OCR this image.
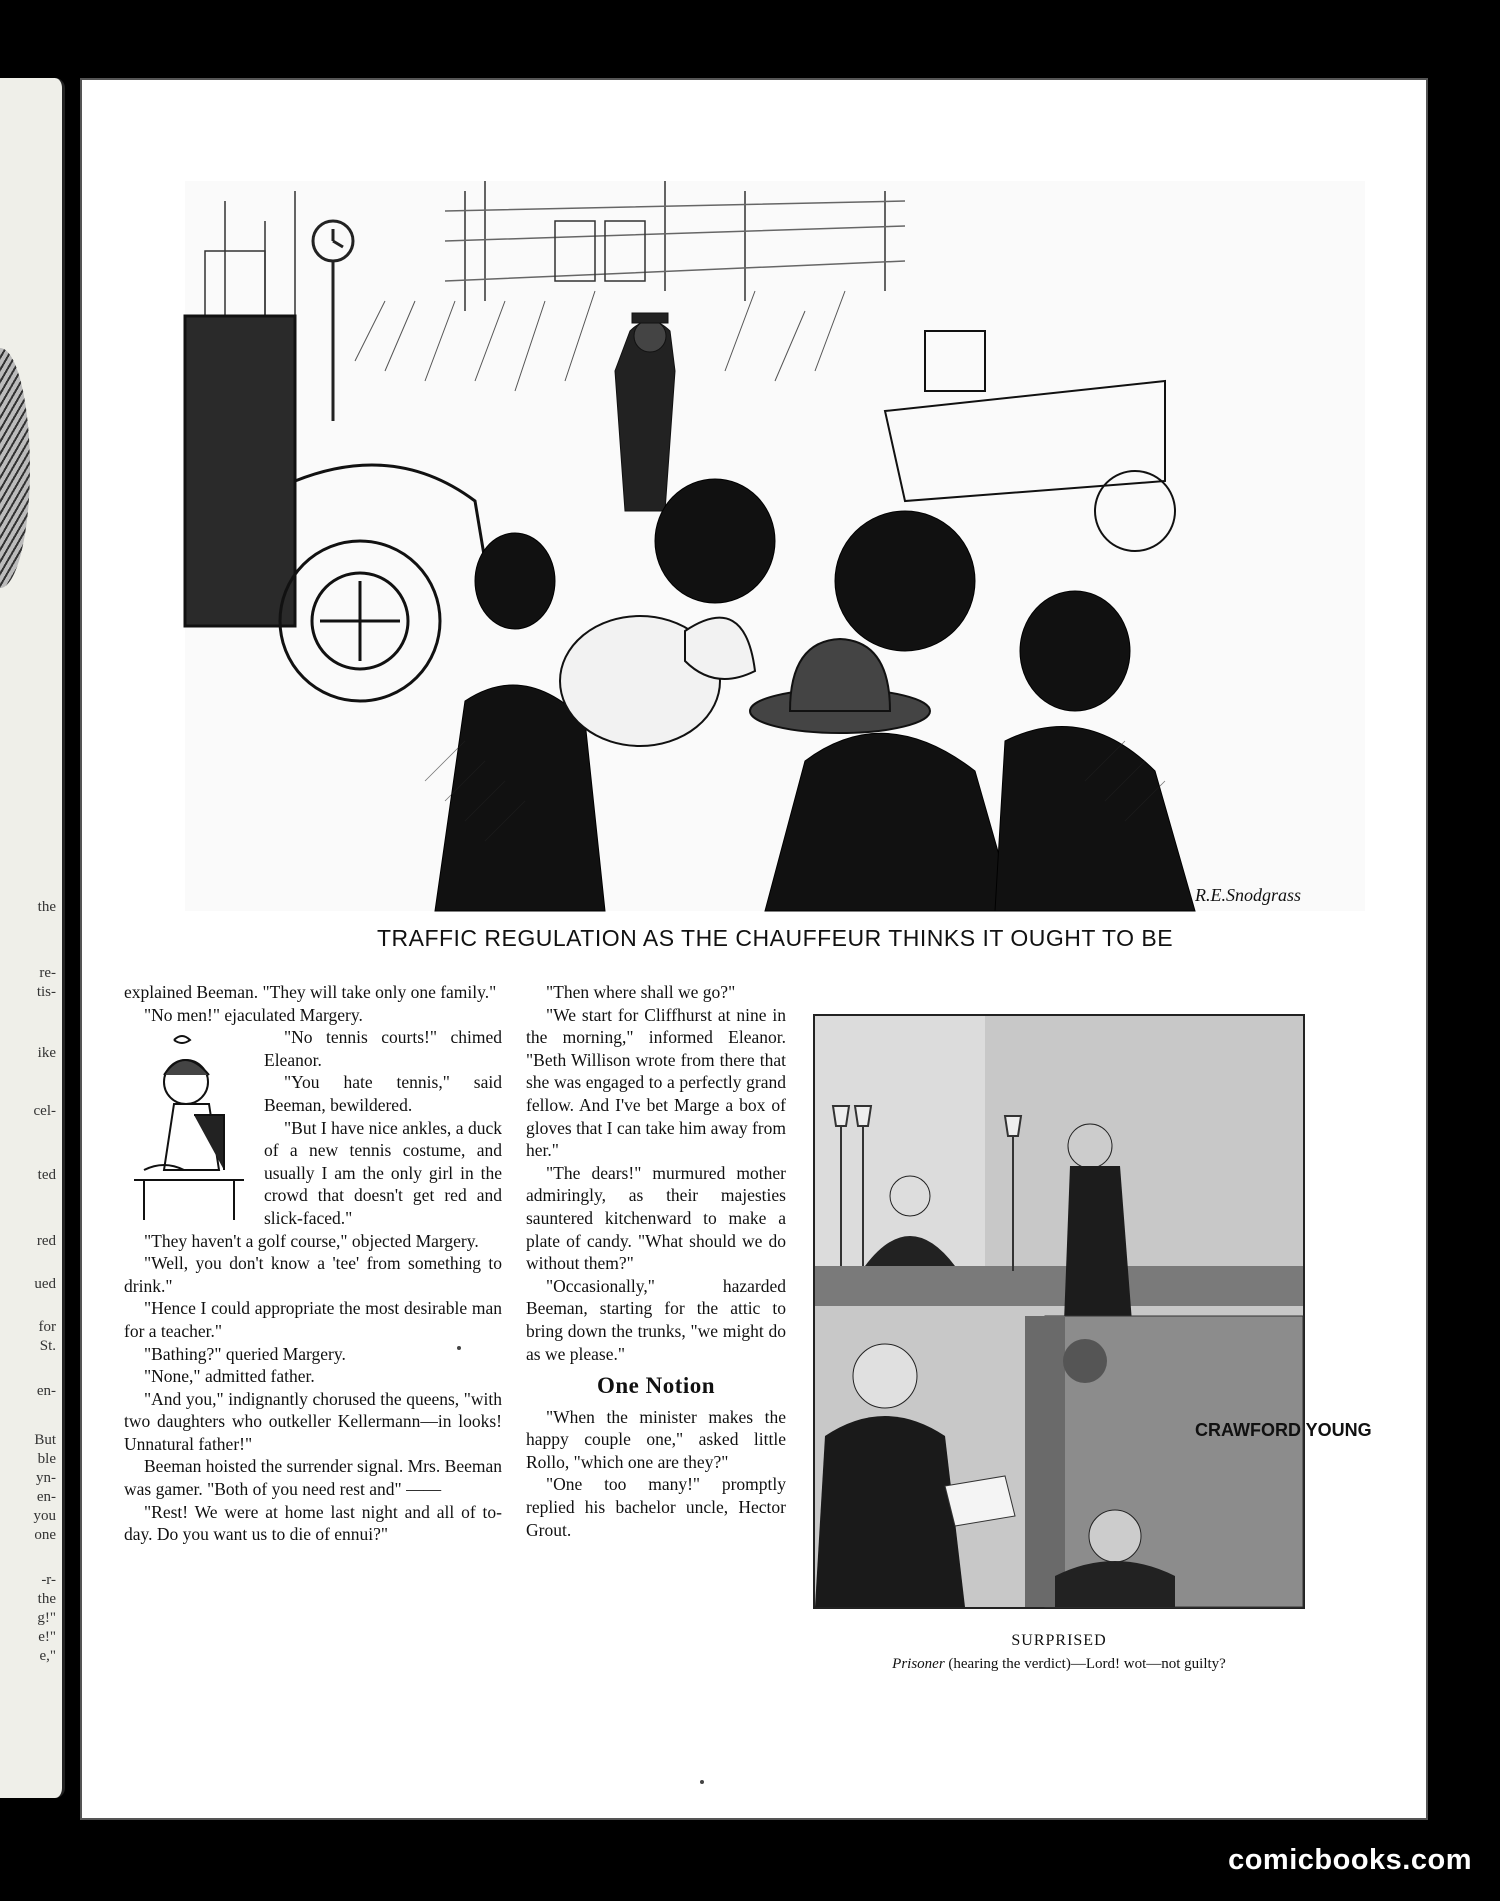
the
re-
tis-
ike
cel-
ted
red
ued
for
St.
en-
But
ble
yn-
en-
you
one
-r-
the
g!"
e!"
e,"
R.E.Snodgrass
TRAFFIC REGULATION AS THE CHAUFFEUR THINKS IT OUGHT TO BE

explained Beeman. "They will take only one family."

"No men!" ejaculated Margery.

"No tennis courts!" chimed Eleanor.

"You hate tennis," said Beeman, bewildered.

"But I have nice ankles, a duck of a new tennis costume, and usually I am the only girl in the crowd that doesn't get red and slick-faced."

"They haven't a golf course," objected Margery.

"Well, you don't know a 'tee' from something to drink."

"Hence I could appropriate the most desirable man for a teacher."

"Bathing?" queried Margery.

"None," admitted father.

"And you," indignantly chorused the queens, "with two daughters who outkeller Kellermann—in looks! Unnatural father!"

Beeman hoisted the surrender signal. Mrs. Beeman was gamer. "Both of you need rest and" ——

"Rest! We were at home last night and all of to-day. Do you want us to die of ennui?"

"Then where shall we go?"

"We start for Cliffhurst at nine in the morning," informed Eleanor. "Beth Willison wrote from there that she was engaged to a perfectly grand fellow. And I've bet Marge a box of gloves that I can take him away from her."

"The dears!" murmured mother admiringly, as their majesties sauntered kitchenward to make a plate of candy. "What should we do without them?"

"Occasionally," hazarded Beeman, starting for the attic to bring down the trunks, "we might do as we please."

One Notion

"When the minister makes the happy couple one," asked little Rollo, "which one are they?"

"One too many!" promptly replied his bachelor uncle, Hector Grout.

CRAWFORD YOUNG
SURPRISED
Prisoner (hearing the verdict)—Lord! wot—not guilty?
comicbooks.com
